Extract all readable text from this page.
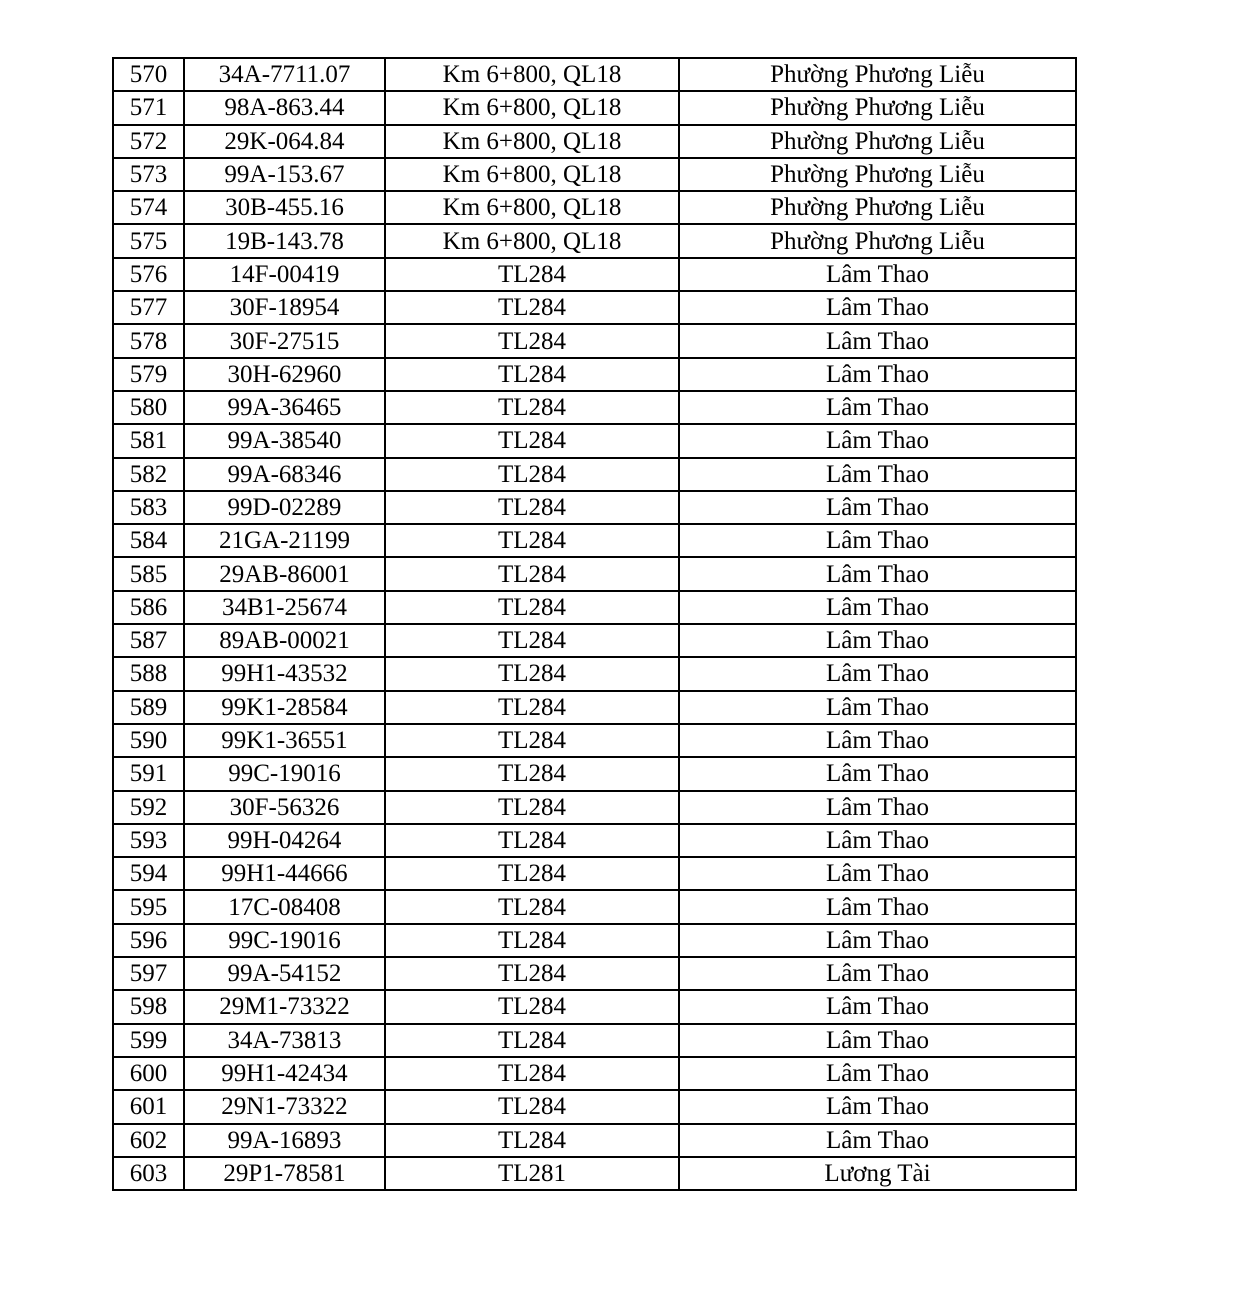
570	34A-7711.07	Km 6+800, QL18	Phường Phương Liễu
571	98A-863.44	Km 6+800, QL18	Phường Phương Liễu
572	29K-064.84	Km 6+800, QL18	Phường Phương Liễu
573	99A-153.67	Km 6+800, QL18	Phường Phương Liễu
574	30B-455.16	Km 6+800, QL18	Phường Phương Liễu
575	19B-143.78	Km 6+800, QL18	Phường Phương Liễu
576	14F-00419	TL284	Lâm Thao
577	30F-18954	TL284	Lâm Thao
578	30F-27515	TL284	Lâm Thao
579	30H-62960	TL284	Lâm Thao
580	99A-36465	TL284	Lâm Thao
581	99A-38540	TL284	Lâm Thao
582	99A-68346	TL284	Lâm Thao
583	99D-02289	TL284	Lâm Thao
584	21GA-21199	TL284	Lâm Thao
585	29AB-86001	TL284	Lâm Thao
586	34B1-25674	TL284	Lâm Thao
587	89AB-00021	TL284	Lâm Thao
588	99H1-43532	TL284	Lâm Thao
589	99K1-28584	TL284	Lâm Thao
590	99K1-36551	TL284	Lâm Thao
591	99C-19016	TL284	Lâm Thao
592	30F-56326	TL284	Lâm Thao
593	99H-04264	TL284	Lâm Thao
594	99H1-44666	TL284	Lâm Thao
595	17C-08408	TL284	Lâm Thao
596	99C-19016	TL284	Lâm Thao
597	99A-54152	TL284	Lâm Thao
598	29M1-73322	TL284	Lâm Thao
599	34A-73813	TL284	Lâm Thao
600	99H1-42434	TL284	Lâm Thao
601	29N1-73322	TL284	Lâm Thao
602	99A-16893	TL284	Lâm Thao
603	29P1-78581	TL281	Lương Tài
